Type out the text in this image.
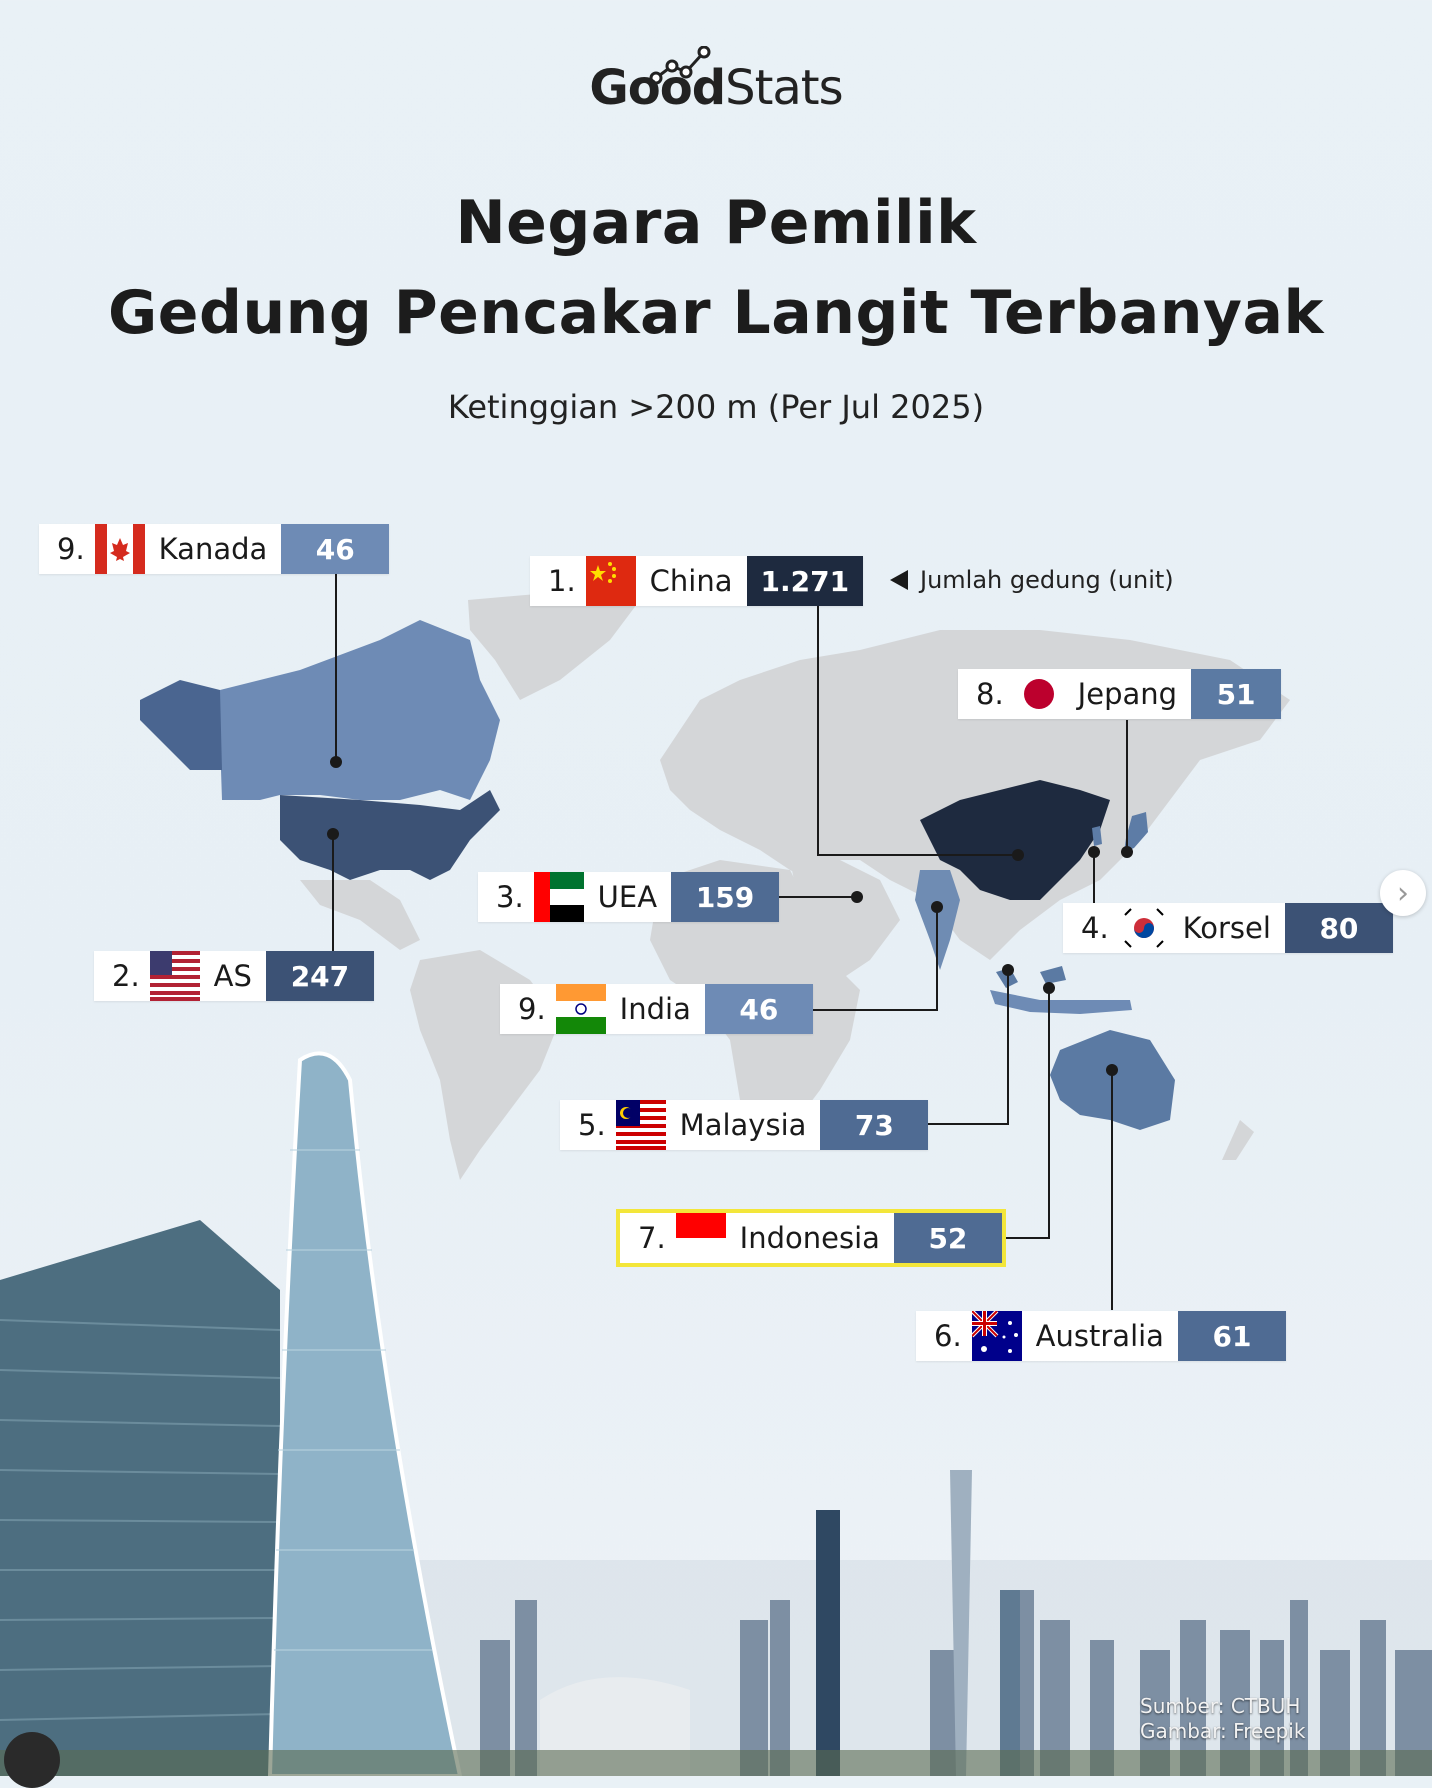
GoodStats
Negara Pemilik
Gedung Pencakar Langit Terbanyak
Ketinggian >200 m (Per Jul 2025)
9.	Kanada	46
1.	China	1.271	Jumlah gedung (unit)
8.	Jepang	51
3.	UEA	159
4.	Korsel	80
2.	AS	247
9.	India	46
5.	Malaysia	73
7.	Indonesia	52
6.	Australia	61
Sumber: CTBUH
Gambar: Freepik
›
